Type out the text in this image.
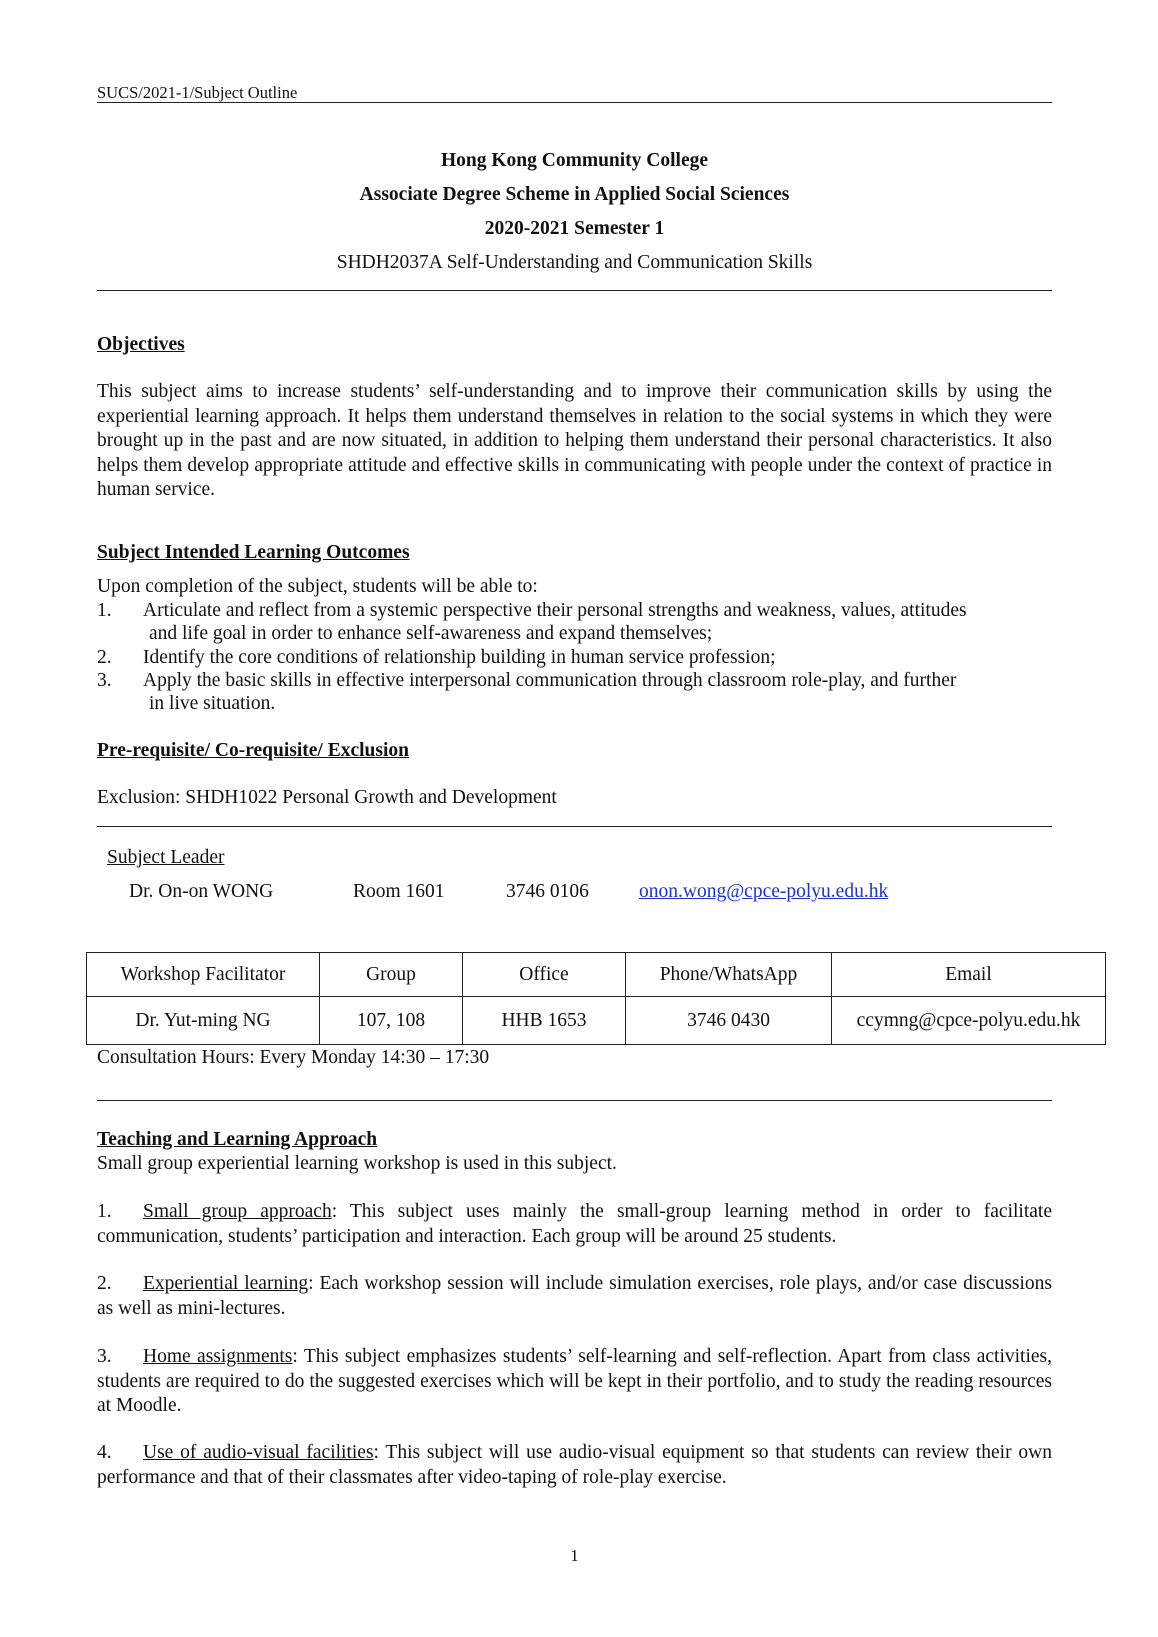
SUCS/2021-1/Subject Outline
Hong Kong Community College
Associate Degree Scheme in Applied Social Sciences
2020-2021 Semester 1
SHDH2037A Self-Understanding and Communication Skills
Objectives
This subject aims to increase students’ self-understanding and to improve their communication skills by using the experiential learning approach. It helps them understand themselves in relation to the social systems in which they were brought up in the past and are now situated, in addition to helping them understand their personal characteristics. It also helps them develop appropriate attitude and effective skills in communicating with people under the context of practice in human service.
Subject Intended Learning Outcomes
Upon completion of the subject, students will be able to:
1. Articulate and reflect from a systemic perspective their personal strengths and weakness, values, attitudes
and life goal in order to enhance self-awareness and expand themselves;
2. Identify the core conditions of relationship building in human service profession;
3. Apply the basic skills in effective interpersonal communication through classroom role-play, and further
in live situation.
Pre-requisite/ Co-requisite/ Exclusion
Exclusion: SHDH1022 Personal Growth and Development
Subject Leader
Dr. On-on WONG	Room 1601	3746 0106	onon.wong@cpce-polyu.edu.hk
Workshop Facilitator	Group	Office	Phone/WhatsApp	Email
Dr. Yut-ming NG	107, 108	HHB 1653	3746 0430	ccymng@cpce-polyu.edu.hk
Consultation Hours: Every Monday 14:30 – 17:30
Teaching and Learning Approach
Small group experiential learning workshop is used in this subject.
1. Small group approach: This subject uses mainly the small-group learning method in order to facilitate communication, students’ participation and interaction. Each group will be around 25 students.
2. Experiential learning: Each workshop session will include simulation exercises, role plays, and/or case discussions as well as mini-lectures.
3. Home assignments: This subject emphasizes students’ self-learning and self-reflection. Apart from class activities, students are required to do the suggested exercises which will be kept in their portfolio, and to study the reading resources at Moodle.
4. Use of audio-visual facilities: This subject will use audio-visual equipment so that students can review their own performance and that of their classmates after video-taping of role-play exercise.
1
